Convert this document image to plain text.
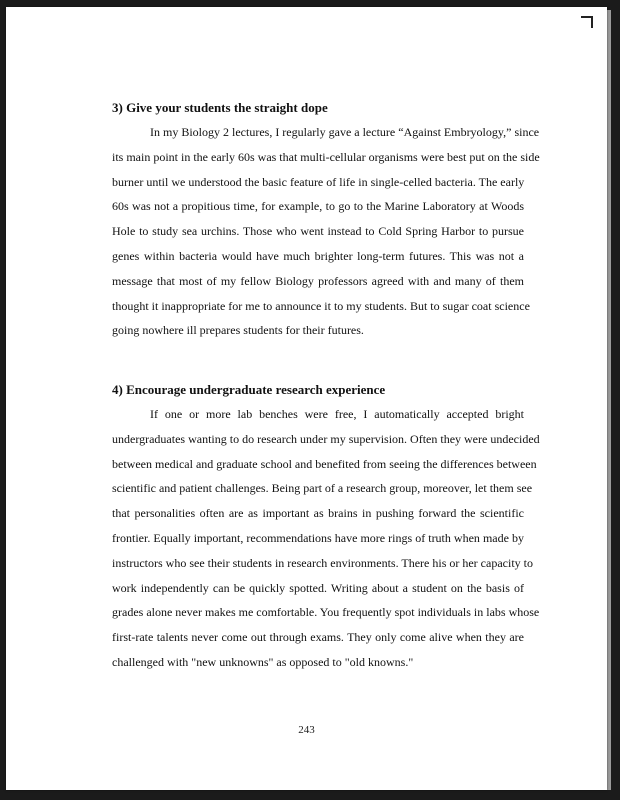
3) Give your students the straight dope
In my Biology 2 lectures, I regularly gave a lecture “Against Embryology,” since
its main point in the early 60s was that multi-cellular organisms were best put on the side
burner until we understood the basic feature of life in single-celled bacteria. The early
60s was not a propitious time, for example, to go to the Marine Laboratory at Woods
Hole to study sea urchins. Those who went instead to Cold Spring Harbor to pursue
genes within bacteria would have much brighter long-term futures. This was not a
message that most of my fellow Biology professors agreed with and many of them
thought it inappropriate for me to announce it to my students. But to sugar coat science
going nowhere ill prepares students for their futures.
4) Encourage undergraduate research experience
If one or more lab benches were free, I automatically accepted bright
undergraduates wanting to do research under my supervision. Often they were undecided
between medical and graduate school and benefited from seeing the differences between
scientific and patient challenges. Being part of a research group, moreover, let them see
that personalities often are as important as brains in pushing forward the scientific
frontier. Equally important, recommendations have more rings of truth when made by
instructors who see their students in research environments. There his or her capacity to
work independently can be quickly spotted. Writing about a student on the basis of
grades alone never makes me comfortable. You frequently spot individuals in labs whose
first-rate talents never come out through exams. They only come alive when they are
challenged with "new unknowns" as opposed to "old knowns."
243
